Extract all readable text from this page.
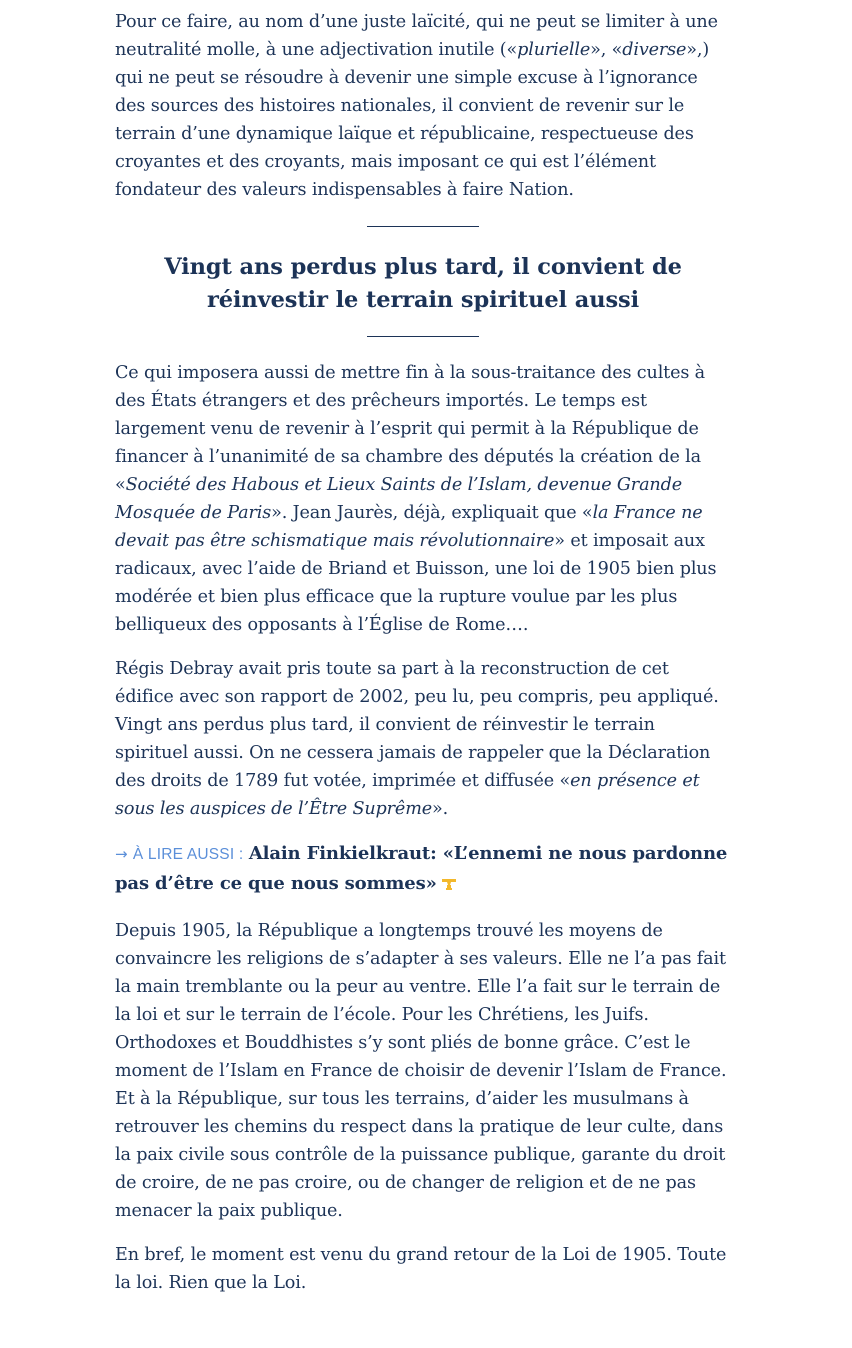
Pour ce faire, au nom d’une juste laïcité, qui ne peut se limiter à une neutralité molle, à une adjectivation inutile («plurielle», «diverse»,) qui ne peut se résoudre à devenir une simple excuse à l’ignorance des sources des histoires nationales, il convient de revenir sur le terrain d’une dynamique laïque et républicaine, respectueuse des croyantes et des croyants, mais imposant ce qui est l’élément fondateur des valeurs indispensables à faire Nation.

Vingt ans perdus plus tard, il convient de réinvestir le terrain spirituel aussi

Ce qui imposera aussi de mettre fin à la sous-traitance des cultes à des États étrangers et des prêcheurs importés. Le temps est largement venu de revenir à l’esprit qui permit à la République de financer à l’unanimité de sa chambre des députés la création de la «Société des Habous et Lieux Saints de l’Islam, devenue Grande Mosquée de Paris». Jean Jaurès, déjà, expliquait que «la France ne devait pas être schismatique mais révolutionnaire» et imposait aux radicaux, avec l’aide de Briand et Buisson, une loi de 1905 bien plus modérée et bien plus efficace que la rupture voulue par les plus belliqueux des opposants à l’Église de Rome….

Régis Debray avait pris toute sa part à la reconstruction de cet édifice avec son rapport de 2002, peu lu, peu compris, peu appliqué. Vingt ans perdus plus tard, il convient de réinvestir le terrain spirituel aussi. On ne cessera jamais de rappeler que la Déclaration des droits de 1789 fut votée, imprimée et diffusée «en présence et sous les auspices de l’Être Suprême».

→ À LIRE AUSSI : Alain Finkielkraut: «L’ennemi ne nous pardonne pas d’être ce que nous sommes»

Depuis 1905, la République a longtemps trouvé les moyens de convaincre les religions de s’adapter à ses valeurs. Elle ne l’a pas fait la main tremblante ou la peur au ventre. Elle l’a fait sur le terrain de la loi et sur le terrain de l’école. Pour les Chrétiens, les Juifs. Orthodoxes et Bouddhistes s’y sont pliés de bonne grâce. C’est le moment de l’Islam en France de choisir de devenir l’Islam de France. Et à la République, sur tous les terrains, d’aider les musulmans à retrouver les chemins du respect dans la pratique de leur culte, dans la paix civile sous contrôle de la puissance publique, garante du droit de croire, de ne pas croire, ou de changer de religion et de ne pas menacer la paix publique.

En bref, le moment est venu du grand retour de la Loi de 1905. Toute la loi. Rien que la Loi.
